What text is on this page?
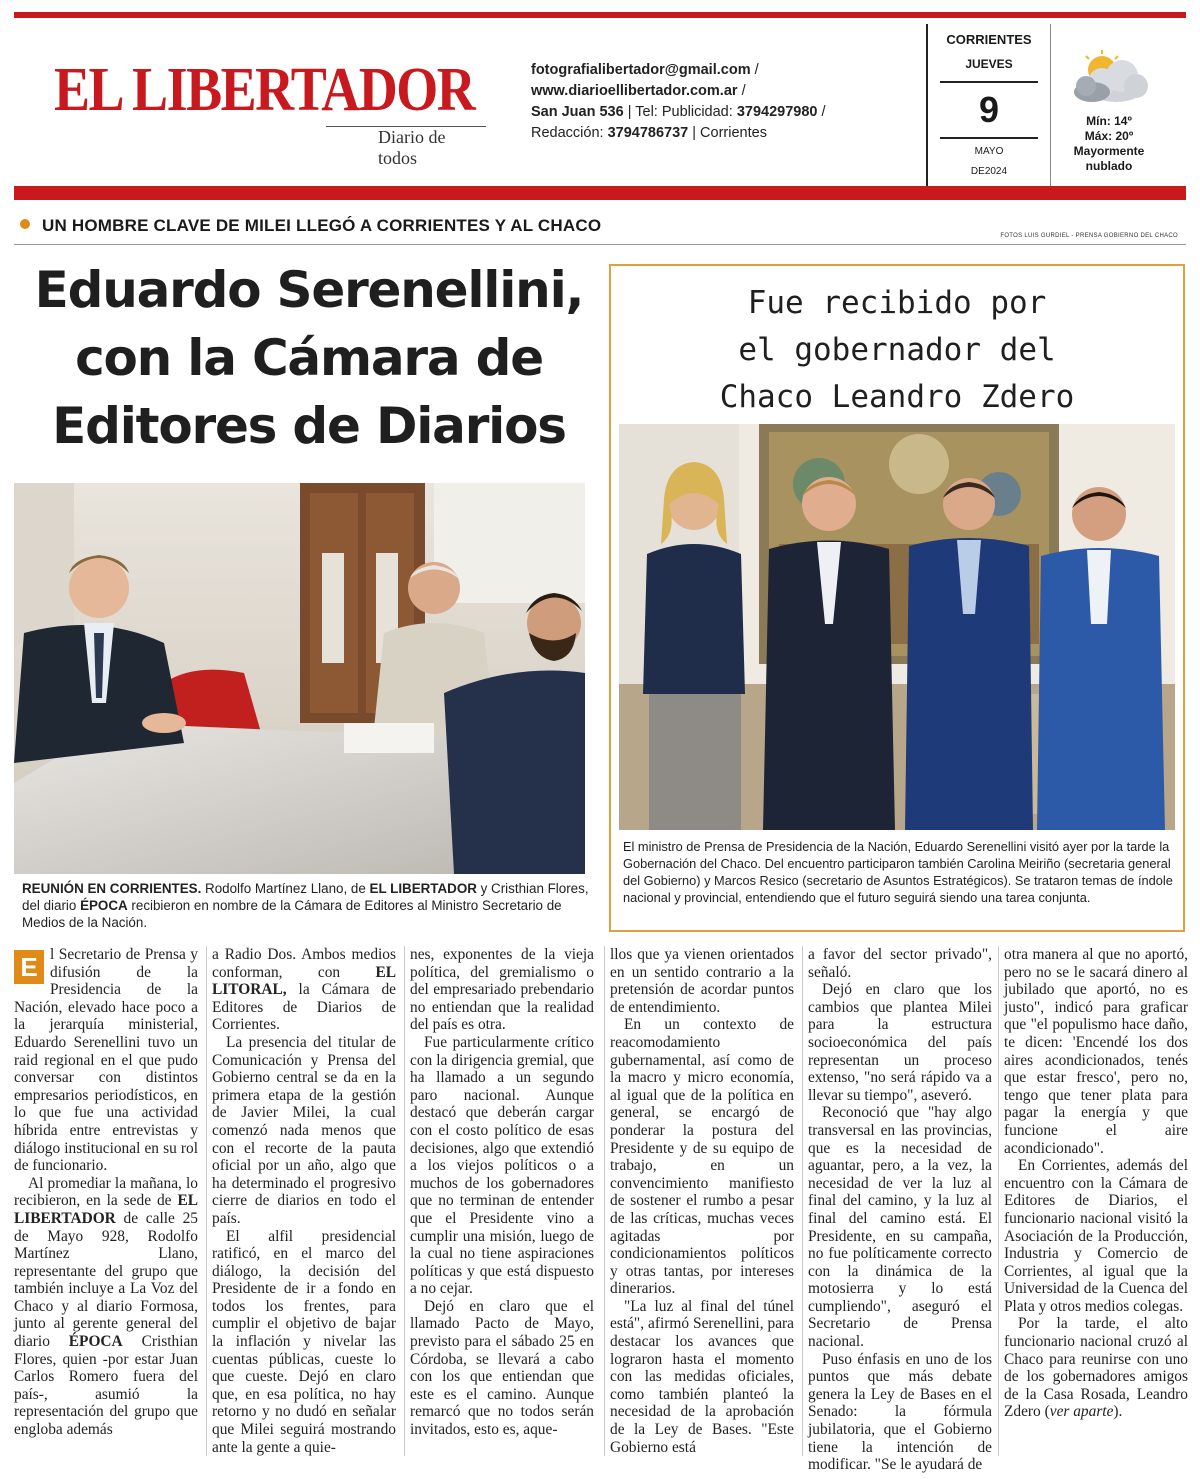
EL LIBERTADOR
Diario de todos
fotografialibertador@gmail.com /
www.diarioellibertador.com.ar /
San Juan 536 | Tel: Publicidad: 3794297980 /
Redacción: 3794786737 | Corrientes
CORRIENTES
JUEVES
9
MAYO
DE2024
Mín: 14º
Máx: 20º
Mayormente
nublado
UN HOMBRE CLAVE DE MILEI LLEGÓ A CORRIENTES Y AL CHACO
FOTOS LUIS GURDIEL - PRENSA GOBIERNO DEL CHACO
Eduardo Serenellini,
con la Cámara de
Editores de Diarios
REUNIÓN EN CORRIENTES. Rodolfo Martínez Llano, de EL LIBERTADOR y Cristhian Flores, del diario ÉPOCA recibieron en nombre de la Cámara de Editores al Ministro Secretario de Medios de la Nación.
Fue recibido por
el gobernador del
Chaco Leandro Zdero
El ministro de Prensa de Presidencia de la Nación, Eduardo Serenellini visitó ayer por la tarde la Gobernación del Chaco. Del encuentro participaron también Carolina Meiriño (secretaria general del Gobierno) y Marcos Resico (secretario de Asuntos Estratégicos). Se trataron temas de índole nacional y provincial, entendiendo que el futuro seguirá siendo una tarea conjunta.
E l Secretario de Prensa y difusión de la Presidencia de la Nación, elevado hace poco a la jerarquía ministerial, Eduardo Serenellini tuvo un raid regional en el que pudo conversar con distintos empresarios periodísticos, en lo que fue una actividad híbrida entre entrevistas y diálogo institucional en su rol de funcionario.

Al promediar la mañana, lo recibieron, en la sede de EL LIBERTADOR de calle 25 de Mayo 928, Rodolfo Martínez Llano, representante del grupo que también incluye a La Voz del Chaco y al diario Formosa, junto al gerente general del diario ÉPOCA Cristhian Flores, quien -por estar Juan Carlos Romero fuera del país-, asumió la representación del grupo que engloba además

a Radio Dos. Ambos medios conforman, con EL LITORAL, la Cámara de Editores de Diarios de Corrientes.

La presencia del titular de Comunicación y Prensa del Gobierno central se da en la primera etapa de la gestión de Javier Milei, la cual comenzó nada menos que con el recorte de la pauta oficial por un año, algo que ha determinado el progresivo cierre de diarios en todo el país.

El alfil presidencial ratificó, en el marco del diálogo, la decisión del Presidente de ir a fondo en todos los frentes, para cumplir el objetivo de bajar la inflación y nivelar las cuentas públicas, cueste lo que cueste. Dejó en claro que, en esa política, no hay retorno y no dudó en señalar que Milei seguirá mostrando ante la gente a quie-

nes, exponentes de la vieja política, del gremialismo o del empresariado prebendario no entiendan que la realidad del país es otra.

Fue particularmente crítico con la dirigencia gremial, que ha llamado a un segundo paro nacional. Aunque destacó que deberán cargar con el costo político de esas decisiones, algo que extendió a los viejos políticos o a muchos de los gobernadores que no terminan de entender que el Presidente vino a cumplir una misión, luego de la cual no tiene aspiraciones políticas y que está dispuesto a no cejar.

Dejó en claro que el llamado Pacto de Mayo, previsto para el sábado 25 en Córdoba, se llevará a cabo con los que entiendan que este es el camino. Aunque remarcó que no todos serán invitados, esto es, aque-

llos que ya vienen orientados en un sentido contrario a la pretensión de acordar puntos de entendimiento.

En un contexto de reacomodamiento gubernamental, así como de la macro y micro economía, al igual que de la política en general, se encargó de ponderar la postura del Presidente y de su equipo de trabajo, en un convencimiento manifiesto de sostener el rumbo a pesar de las críticas, muchas veces agitadas por condicionamientos políticos y otras tantas, por intereses dinerarios.

"La luz al final del túnel está", afirmó Serenellini, para destacar los avances que lograron hasta el momento con las medidas oficiales, como también planteó la necesidad de la aprobación de la Ley de Bases. "Este Gobierno está

a favor del sector privado", señaló.

Dejó en claro que los cambios que plantea Milei para la estructura socioeconómica del país representan un proceso extenso, "no será rápido va a llevar su tiempo", aseveró.

Reconoció que "hay algo transversal en las provincias, que es la necesidad de aguantar, pero, a la vez, la necesidad de ver la luz al final del camino, y la luz al final del camino está. El Presidente, en su campaña, no fue políticamente correcto con la dinámica de la motosierra y lo está cumpliendo", aseguró el Secretario de Prensa nacional.

Puso énfasis en uno de los puntos que más debate genera la Ley de Bases en el Senado: la fórmula jubilatoria, que el Gobierno tiene la intención de modificar. "Se le ayudará de

otra manera al que no aportó, pero no se le sacará dinero al jubilado que aportó, no es justo", indicó para graficar que "el populismo hace daño, te dicen: 'Encendé los dos aires acondicionados, tenés que estar fresco', pero no, tengo que tener plata para pagar la energía y que funcione el aire acondicionado".

En Corrientes, además del encuentro con la Cámara de Editores de Diarios, el funcionario nacional visitó la Asociación de la Producción, Industria y Comercio de Corrientes, al igual que la Universidad de la Cuenca del Plata y otros medios colegas.

Por la tarde, el alto funcionario nacional cruzó al Chaco para reunirse con uno de los gobernadores amigos de la Casa Rosada, Leandro Zdero (ver aparte).
